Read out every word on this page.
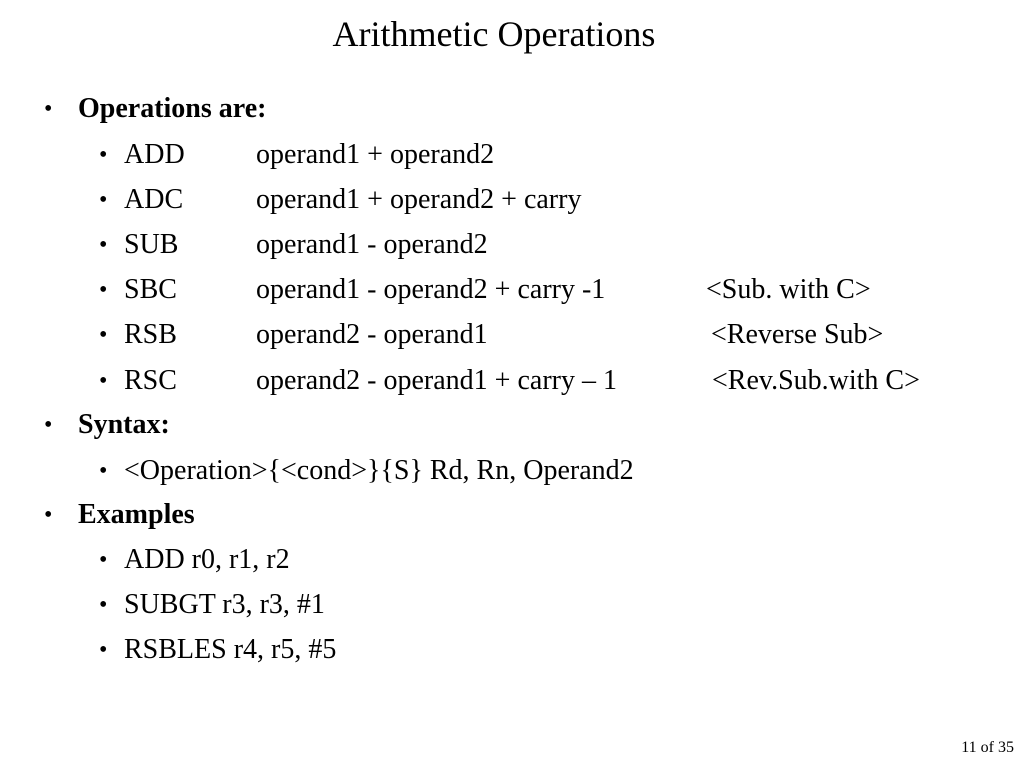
Arithmetic Operations
• Operations are:
• ADD	operand1 + operand2
• ADC	operand1 + operand2 + carry
• SUB	operand1 - operand2
• SBC	operand1 - operand2 + carry -1	<Sub. with C>
• RSB	operand2 - operand1	<Reverse Sub>
• RSC	operand2 - operand1 + carry – 1	<Rev.Sub.with C>
• Syntax:
• <Operation>{<cond>}{S} Rd, Rn, Operand2
• Examples
• ADD r0, r1, r2
• SUBGT r3, r3, #1
• RSBLES r4, r5, #5
11 of 35
